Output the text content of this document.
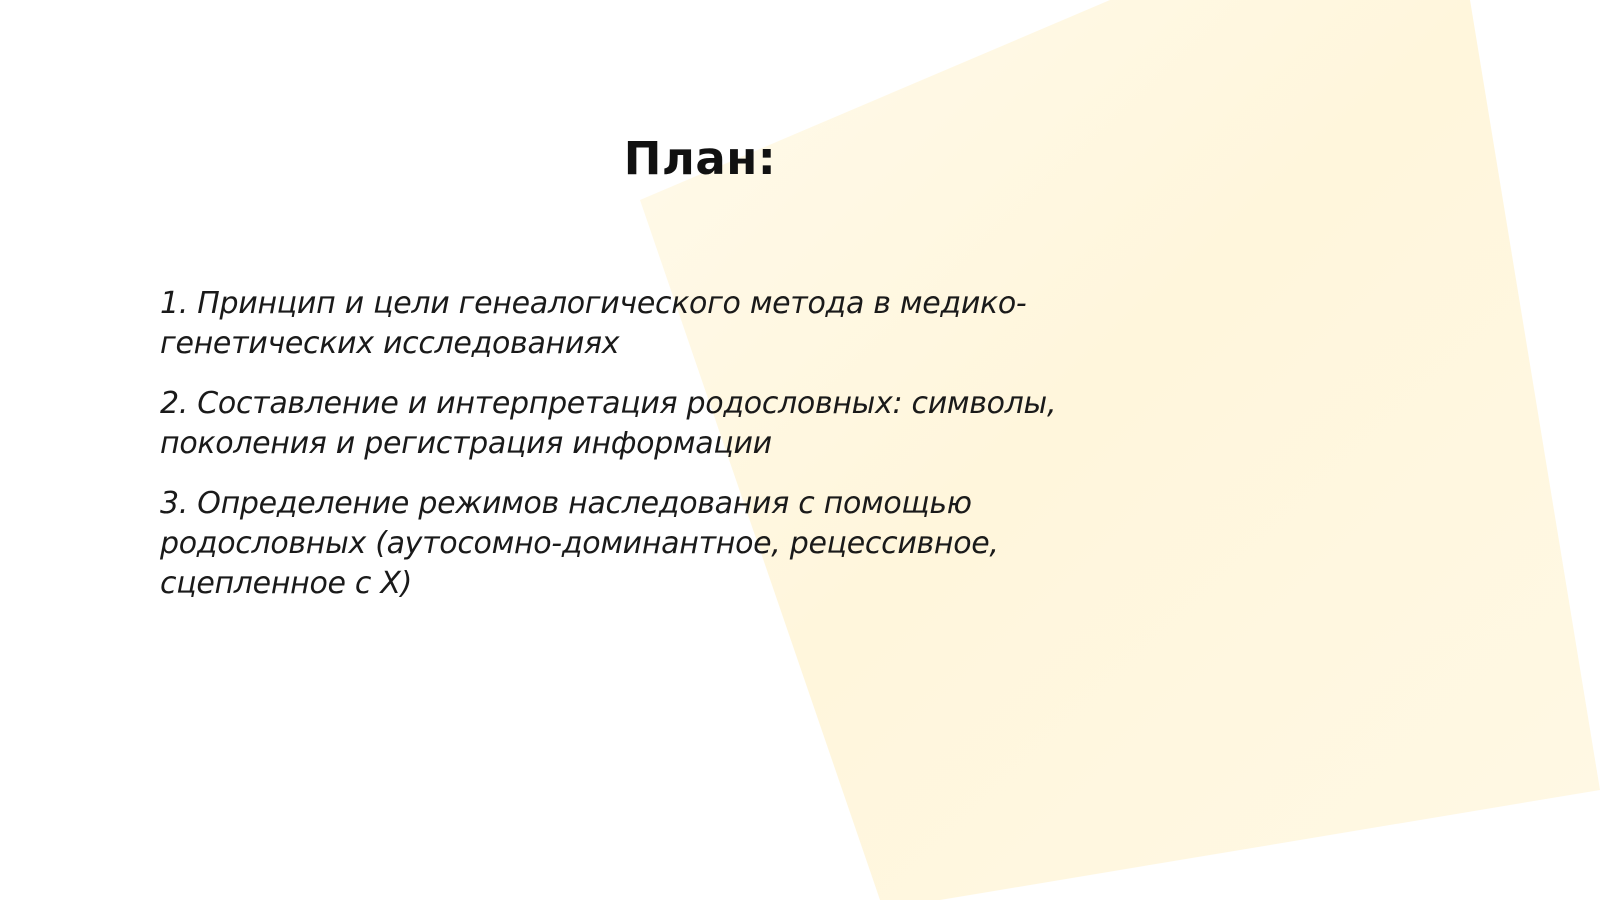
План:
1. Принцип и цели генеалогического метода в медико-генетических исследованиях
2. Составление и интерпретация родословных: символы, поколения и регистрация информации
3. Определение режимов наследования с помощью родословных (аутосомно-доминантное, рецессивное, сцепленное с X)
